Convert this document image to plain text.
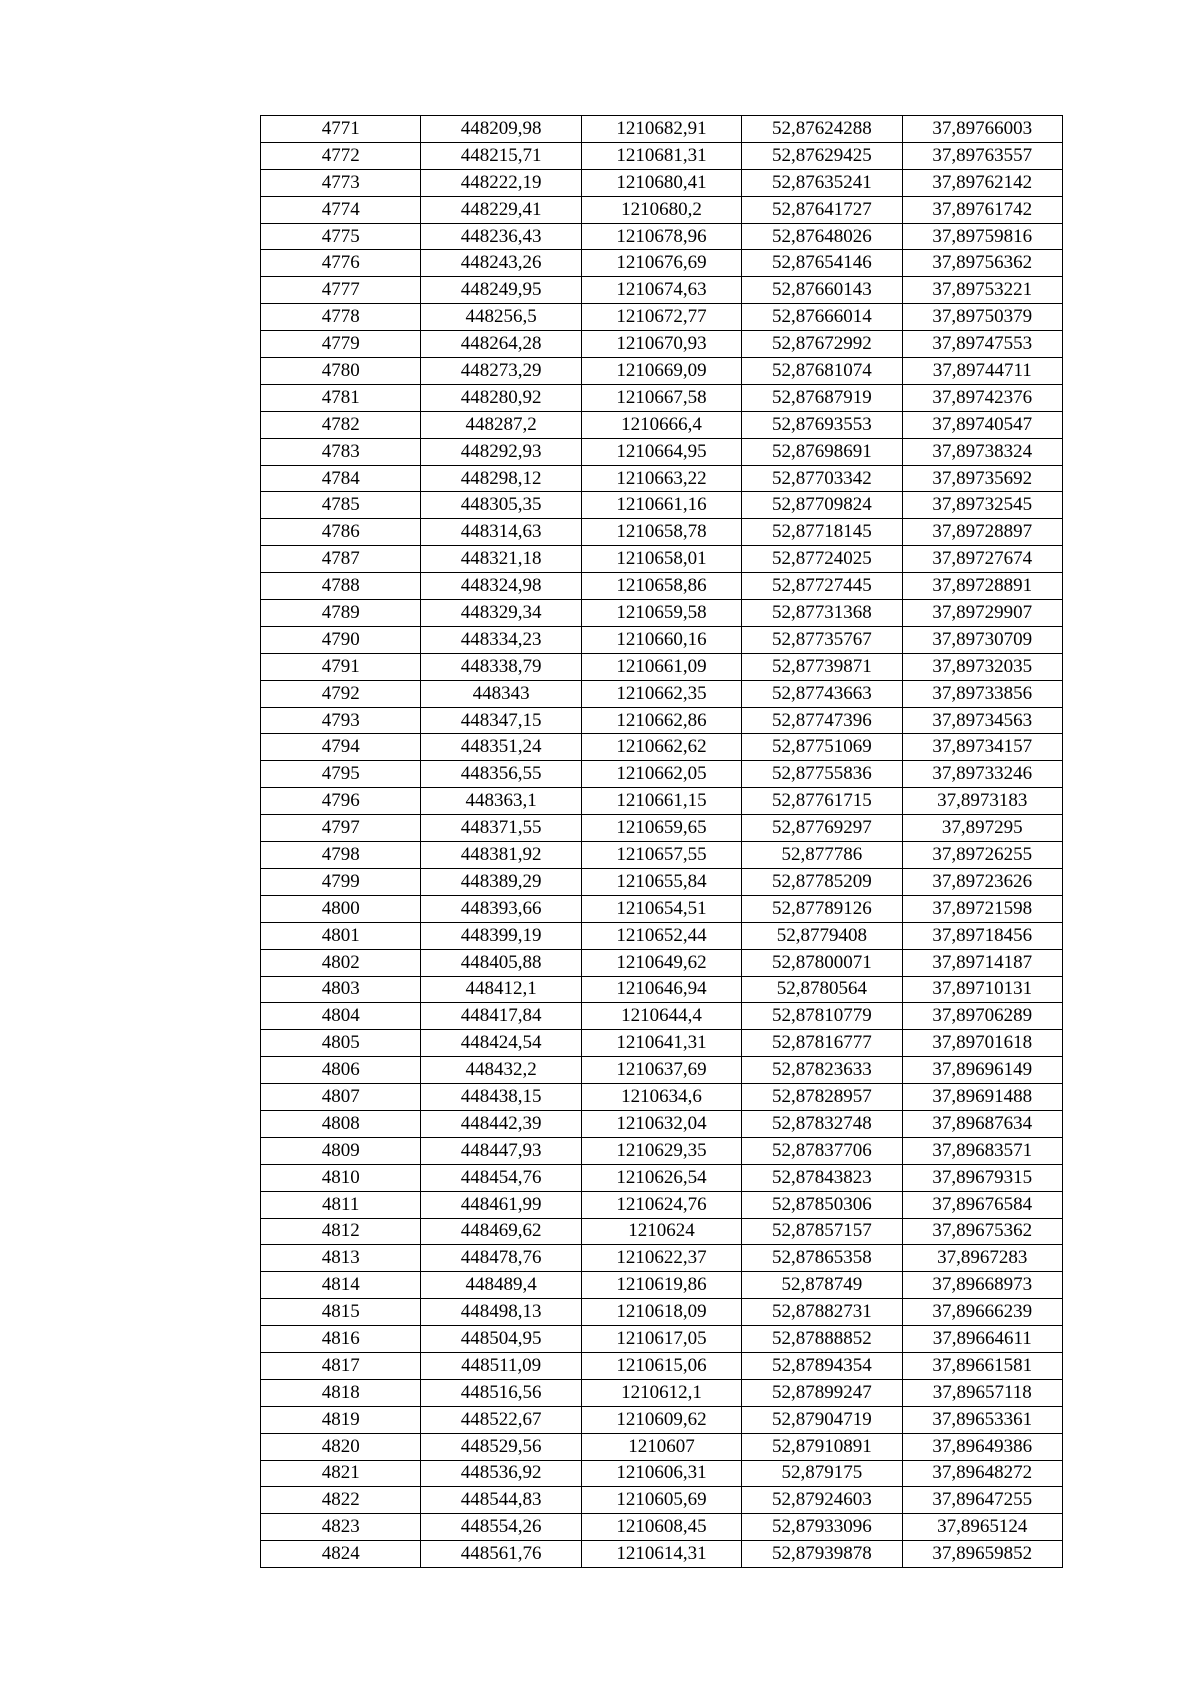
4771	448209,98	1210682,91	52,87624288	37,89766003
4772	448215,71	1210681,31	52,87629425	37,89763557
4773	448222,19	1210680,41	52,87635241	37,89762142
4774	448229,41	1210680,2	52,87641727	37,89761742
4775	448236,43	1210678,96	52,87648026	37,89759816
4776	448243,26	1210676,69	52,87654146	37,89756362
4777	448249,95	1210674,63	52,87660143	37,89753221
4778	448256,5	1210672,77	52,87666014	37,89750379
4779	448264,28	1210670,93	52,87672992	37,89747553
4780	448273,29	1210669,09	52,87681074	37,89744711
4781	448280,92	1210667,58	52,87687919	37,89742376
4782	448287,2	1210666,4	52,87693553	37,89740547
4783	448292,93	1210664,95	52,87698691	37,89738324
4784	448298,12	1210663,22	52,87703342	37,89735692
4785	448305,35	1210661,16	52,87709824	37,89732545
4786	448314,63	1210658,78	52,87718145	37,89728897
4787	448321,18	1210658,01	52,87724025	37,89727674
4788	448324,98	1210658,86	52,87727445	37,89728891
4789	448329,34	1210659,58	52,87731368	37,89729907
4790	448334,23	1210660,16	52,87735767	37,89730709
4791	448338,79	1210661,09	52,87739871	37,89732035
4792	448343	1210662,35	52,87743663	37,89733856
4793	448347,15	1210662,86	52,87747396	37,89734563
4794	448351,24	1210662,62	52,87751069	37,89734157
4795	448356,55	1210662,05	52,87755836	37,89733246
4796	448363,1	1210661,15	52,87761715	37,8973183
4797	448371,55	1210659,65	52,87769297	37,897295
4798	448381,92	1210657,55	52,877786	37,89726255
4799	448389,29	1210655,84	52,87785209	37,89723626
4800	448393,66	1210654,51	52,87789126	37,89721598
4801	448399,19	1210652,44	52,8779408	37,89718456
4802	448405,88	1210649,62	52,87800071	37,89714187
4803	448412,1	1210646,94	52,8780564	37,89710131
4804	448417,84	1210644,4	52,87810779	37,89706289
4805	448424,54	1210641,31	52,87816777	37,89701618
4806	448432,2	1210637,69	52,87823633	37,89696149
4807	448438,15	1210634,6	52,87828957	37,89691488
4808	448442,39	1210632,04	52,87832748	37,89687634
4809	448447,93	1210629,35	52,87837706	37,89683571
4810	448454,76	1210626,54	52,87843823	37,89679315
4811	448461,99	1210624,76	52,87850306	37,89676584
4812	448469,62	1210624	52,87857157	37,89675362
4813	448478,76	1210622,37	52,87865358	37,8967283
4814	448489,4	1210619,86	52,878749	37,89668973
4815	448498,13	1210618,09	52,87882731	37,89666239
4816	448504,95	1210617,05	52,87888852	37,89664611
4817	448511,09	1210615,06	52,87894354	37,89661581
4818	448516,56	1210612,1	52,87899247	37,89657118
4819	448522,67	1210609,62	52,87904719	37,89653361
4820	448529,56	1210607	52,87910891	37,89649386
4821	448536,92	1210606,31	52,879175	37,89648272
4822	448544,83	1210605,69	52,87924603	37,89647255
4823	448554,26	1210608,45	52,87933096	37,8965124
4824	448561,76	1210614,31	52,87939878	37,89659852
